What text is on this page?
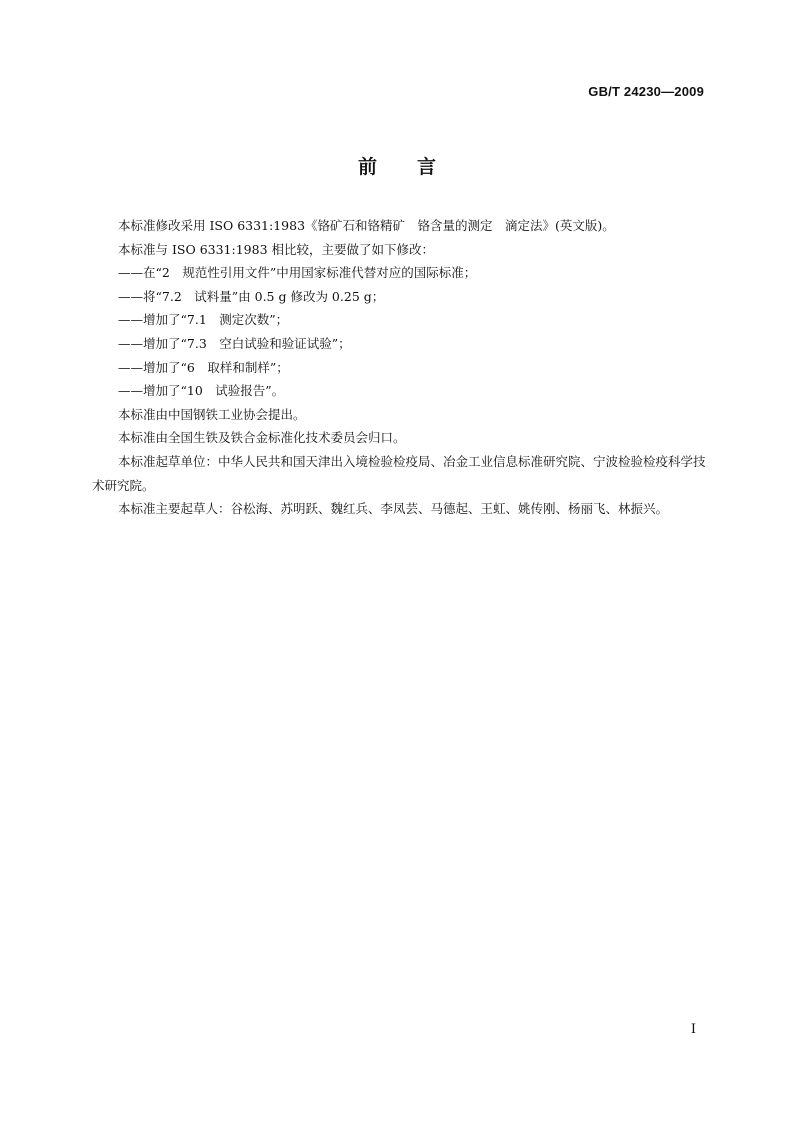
GB/T 24230—2009
前言

本标准修改采用 ISO 6331:1983《铬矿石和铬精矿　铬含量的测定　滴定法》(英文版)。

本标准与 ISO 6331:1983 相比较，主要做了如下修改：

——在“2　规范性引用文件”中用国家标准代替对应的国际标准；

——将“7.2　试料量”由 0.5 g 修改为 0.25 g；

——增加了“7.1　测定次数”；

——增加了“7.3　空白试验和验证试验”；

——增加了“6　取样和制样”；

——增加了“10　试验报告”。

本标准由中国钢铁工业协会提出。

本标准由全国生铁及铁合金标准化技术委员会归口。

本标准起草单位：中华人民共和国天津出入境检验检疫局、冶金工业信息标准研究院、宁波检验检疫科学技术研究院。

本标准主要起草人：谷松海、苏明跃、魏红兵、李凤芸、马德起、王虹、姚传刚、杨丽飞、林振兴。

I
